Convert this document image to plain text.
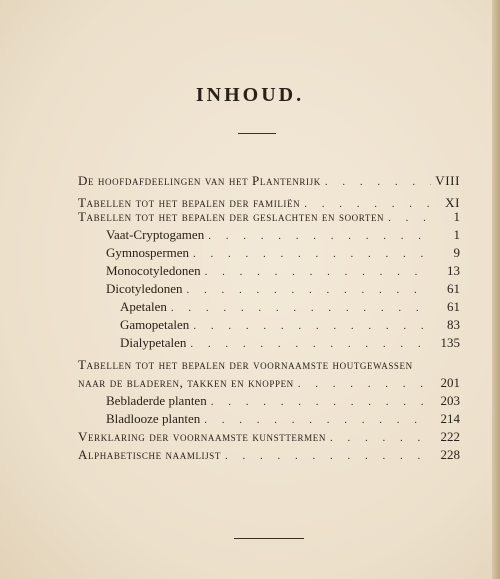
INHOUD.
De hoofdafdeelingen van het Plantenrijk . . .	VIII
Tabellen tot het bepalen der familiën . . .	XI
Tabellen tot het bepalen der geslachten en soorten . . .	1
Vaat-Cryptogamen . . .	1
Gymnospermen . . .	9
Monocotyledonen . . .	13
Dicotyledonen . . .	61
Apetalen . . .	61
Gamopetalen . . .	83
Dialypetalen . . .	135
Tabellen tot het bepalen der voornaamste houtgewassen
naar de bladeren, takken en knoppen . . .	201
Bebladerde planten . . .	203
Bladlooze planten . . .	214
Verklaring der voornaamste kunsttermen . . .	222
Alphabetische naamlijst . . .	228
